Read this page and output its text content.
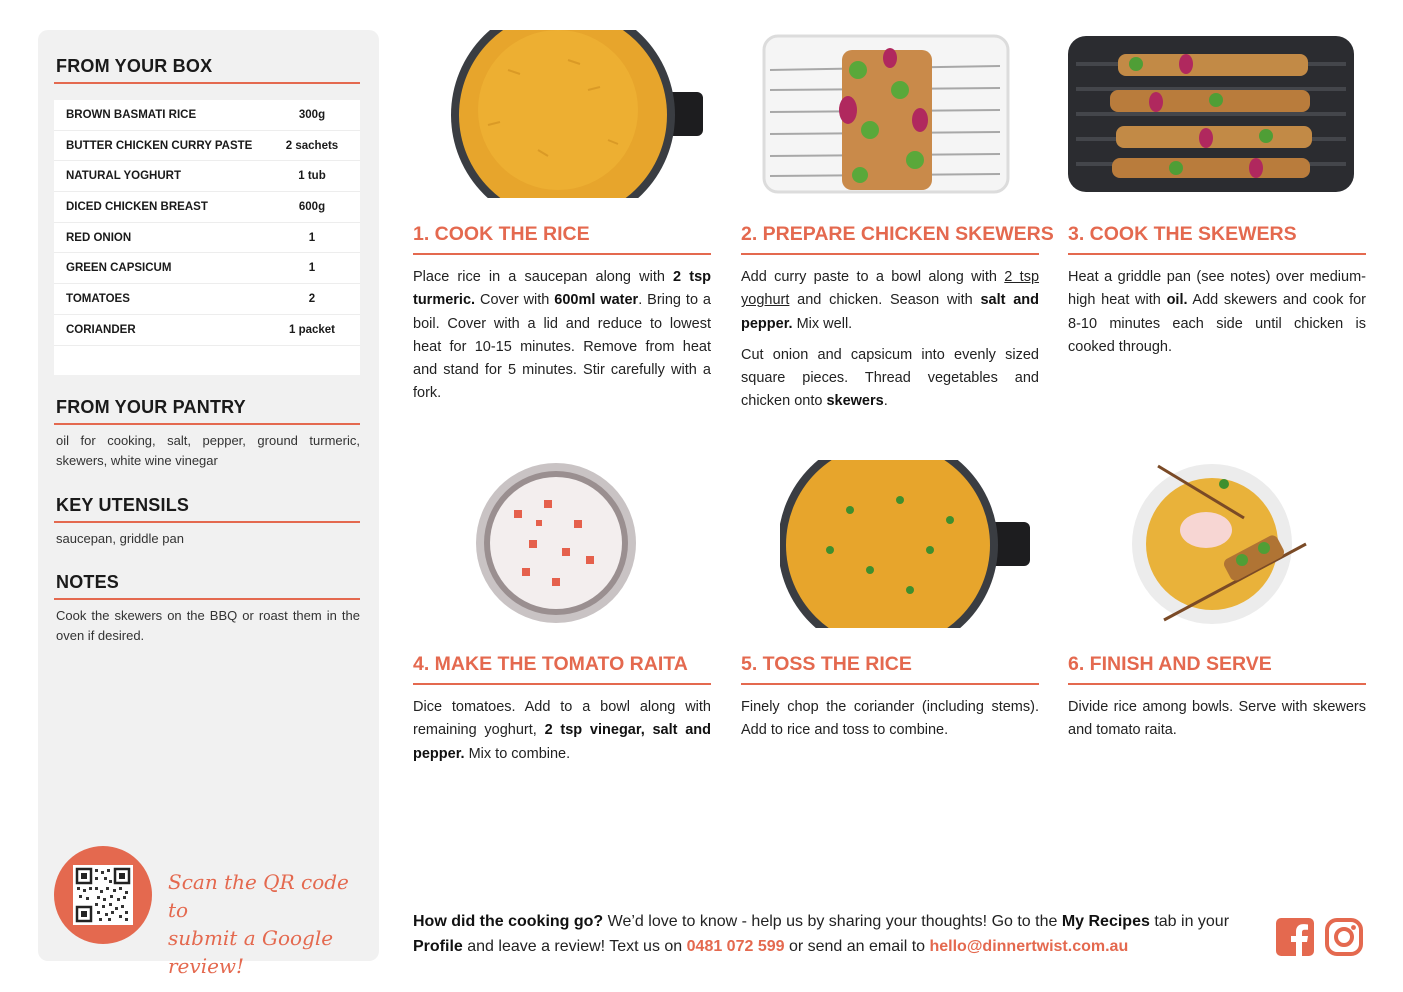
FROM YOUR BOX
BROWN BASMATI RICE	300g
BUTTER CHICKEN CURRY PASTE	2 sachets
NATURAL YOGHURT	1 tub
DICED CHICKEN BREAST	600g
RED ONION	1
GREEN CAPSICUM	1
TOMATOES	2
CORIANDER	1 packet
FROM YOUR PANTRY
oil for cooking, salt, pepper, ground turmeric, skewers, white wine vinegar
KEY UTENSILS
saucepan, griddle pan
NOTES
Cook the skewers on the BBQ or roast them in the oven if desired.
Scan the QR code to
submit a Google review!
1. COOK THE RICE

Place rice in a saucepan along with 2 tsp turmeric. Cover with 600ml water. Bring to a boil. Cover with a lid and reduce to lowest heat for 10-15 minutes. Remove from heat and stand for 5 minutes. Stir carefully with a fork.

2. PREPARE CHICKEN SKEWERS

Add curry paste to a bowl along with 2 tsp yoghurt and chicken. Season with salt and pepper. Mix well.

Cut onion and capsicum into evenly sized square pieces. Thread vegetables and chicken onto skewers.

3. COOK THE SKEWERS

Heat a griddle pan (see notes) over medium-high heat with oil. Add skewers and cook for 8-10 minutes each side until chicken is cooked through.

4. MAKE THE TOMATO RAITA

Dice tomatoes. Add to a bowl along with remaining yoghurt, 2 tsp vinegar, salt and pepper. Mix to combine.

5. TOSS THE RICE

Finely chop the coriander (including stems). Add to rice and toss to combine.

6. FINISH AND SERVE

Divide rice among bowls. Serve with skewers and tomato raita.

How did the cooking go? We’d love to know - help us by sharing your thoughts! Go to the My Recipes tab in your Profile and leave a review! Text us on 0481 072 599 or send an email to hello@dinnertwist.com.au
